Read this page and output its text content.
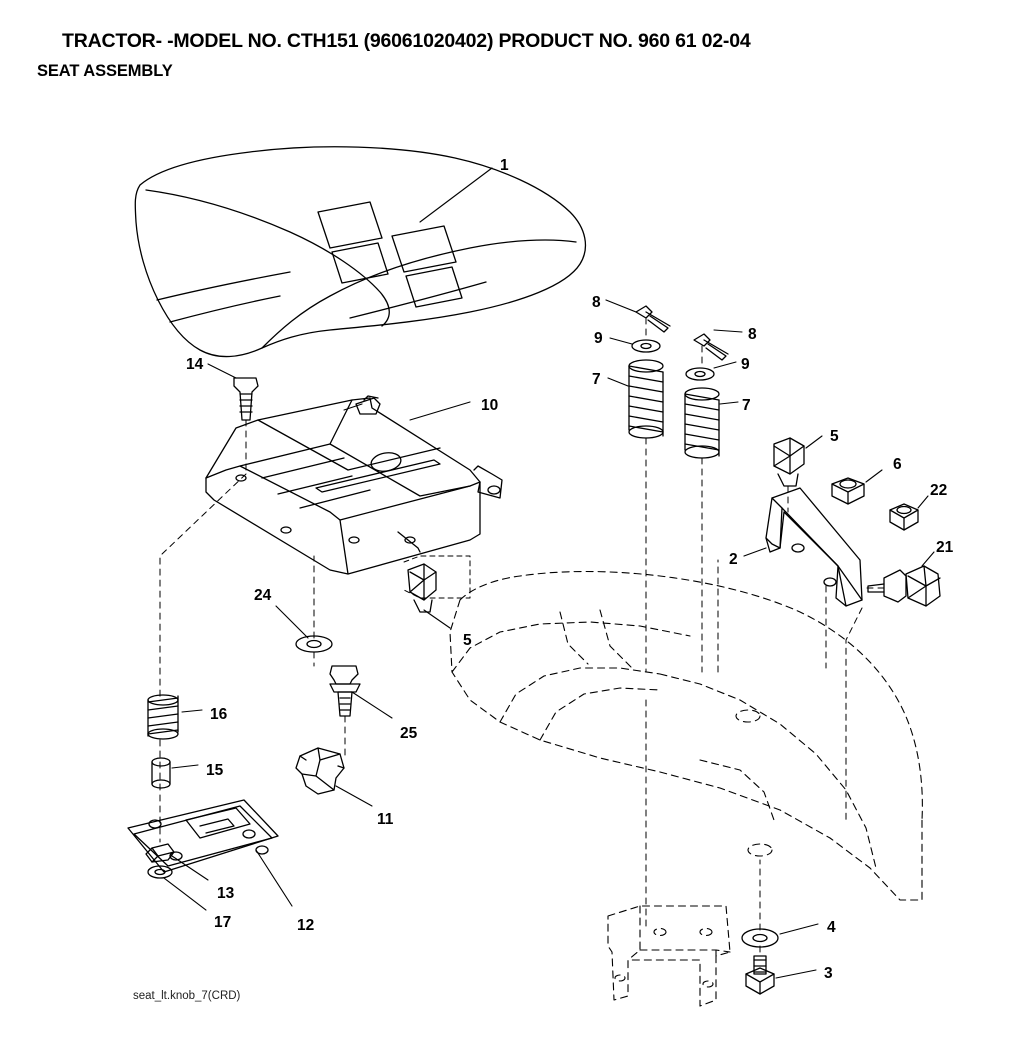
TRACTOR- -MODEL NO. CTH151 (96061020402) PRODUCT NO. 960 61 02-04
SEAT ASSEMBLY
1
8
8
9
9
7
7
14
10
5
6
22
2
21
24
5
16
25
15
11
13
12
17	4
3
seat_lt.knob_7(CRD)
